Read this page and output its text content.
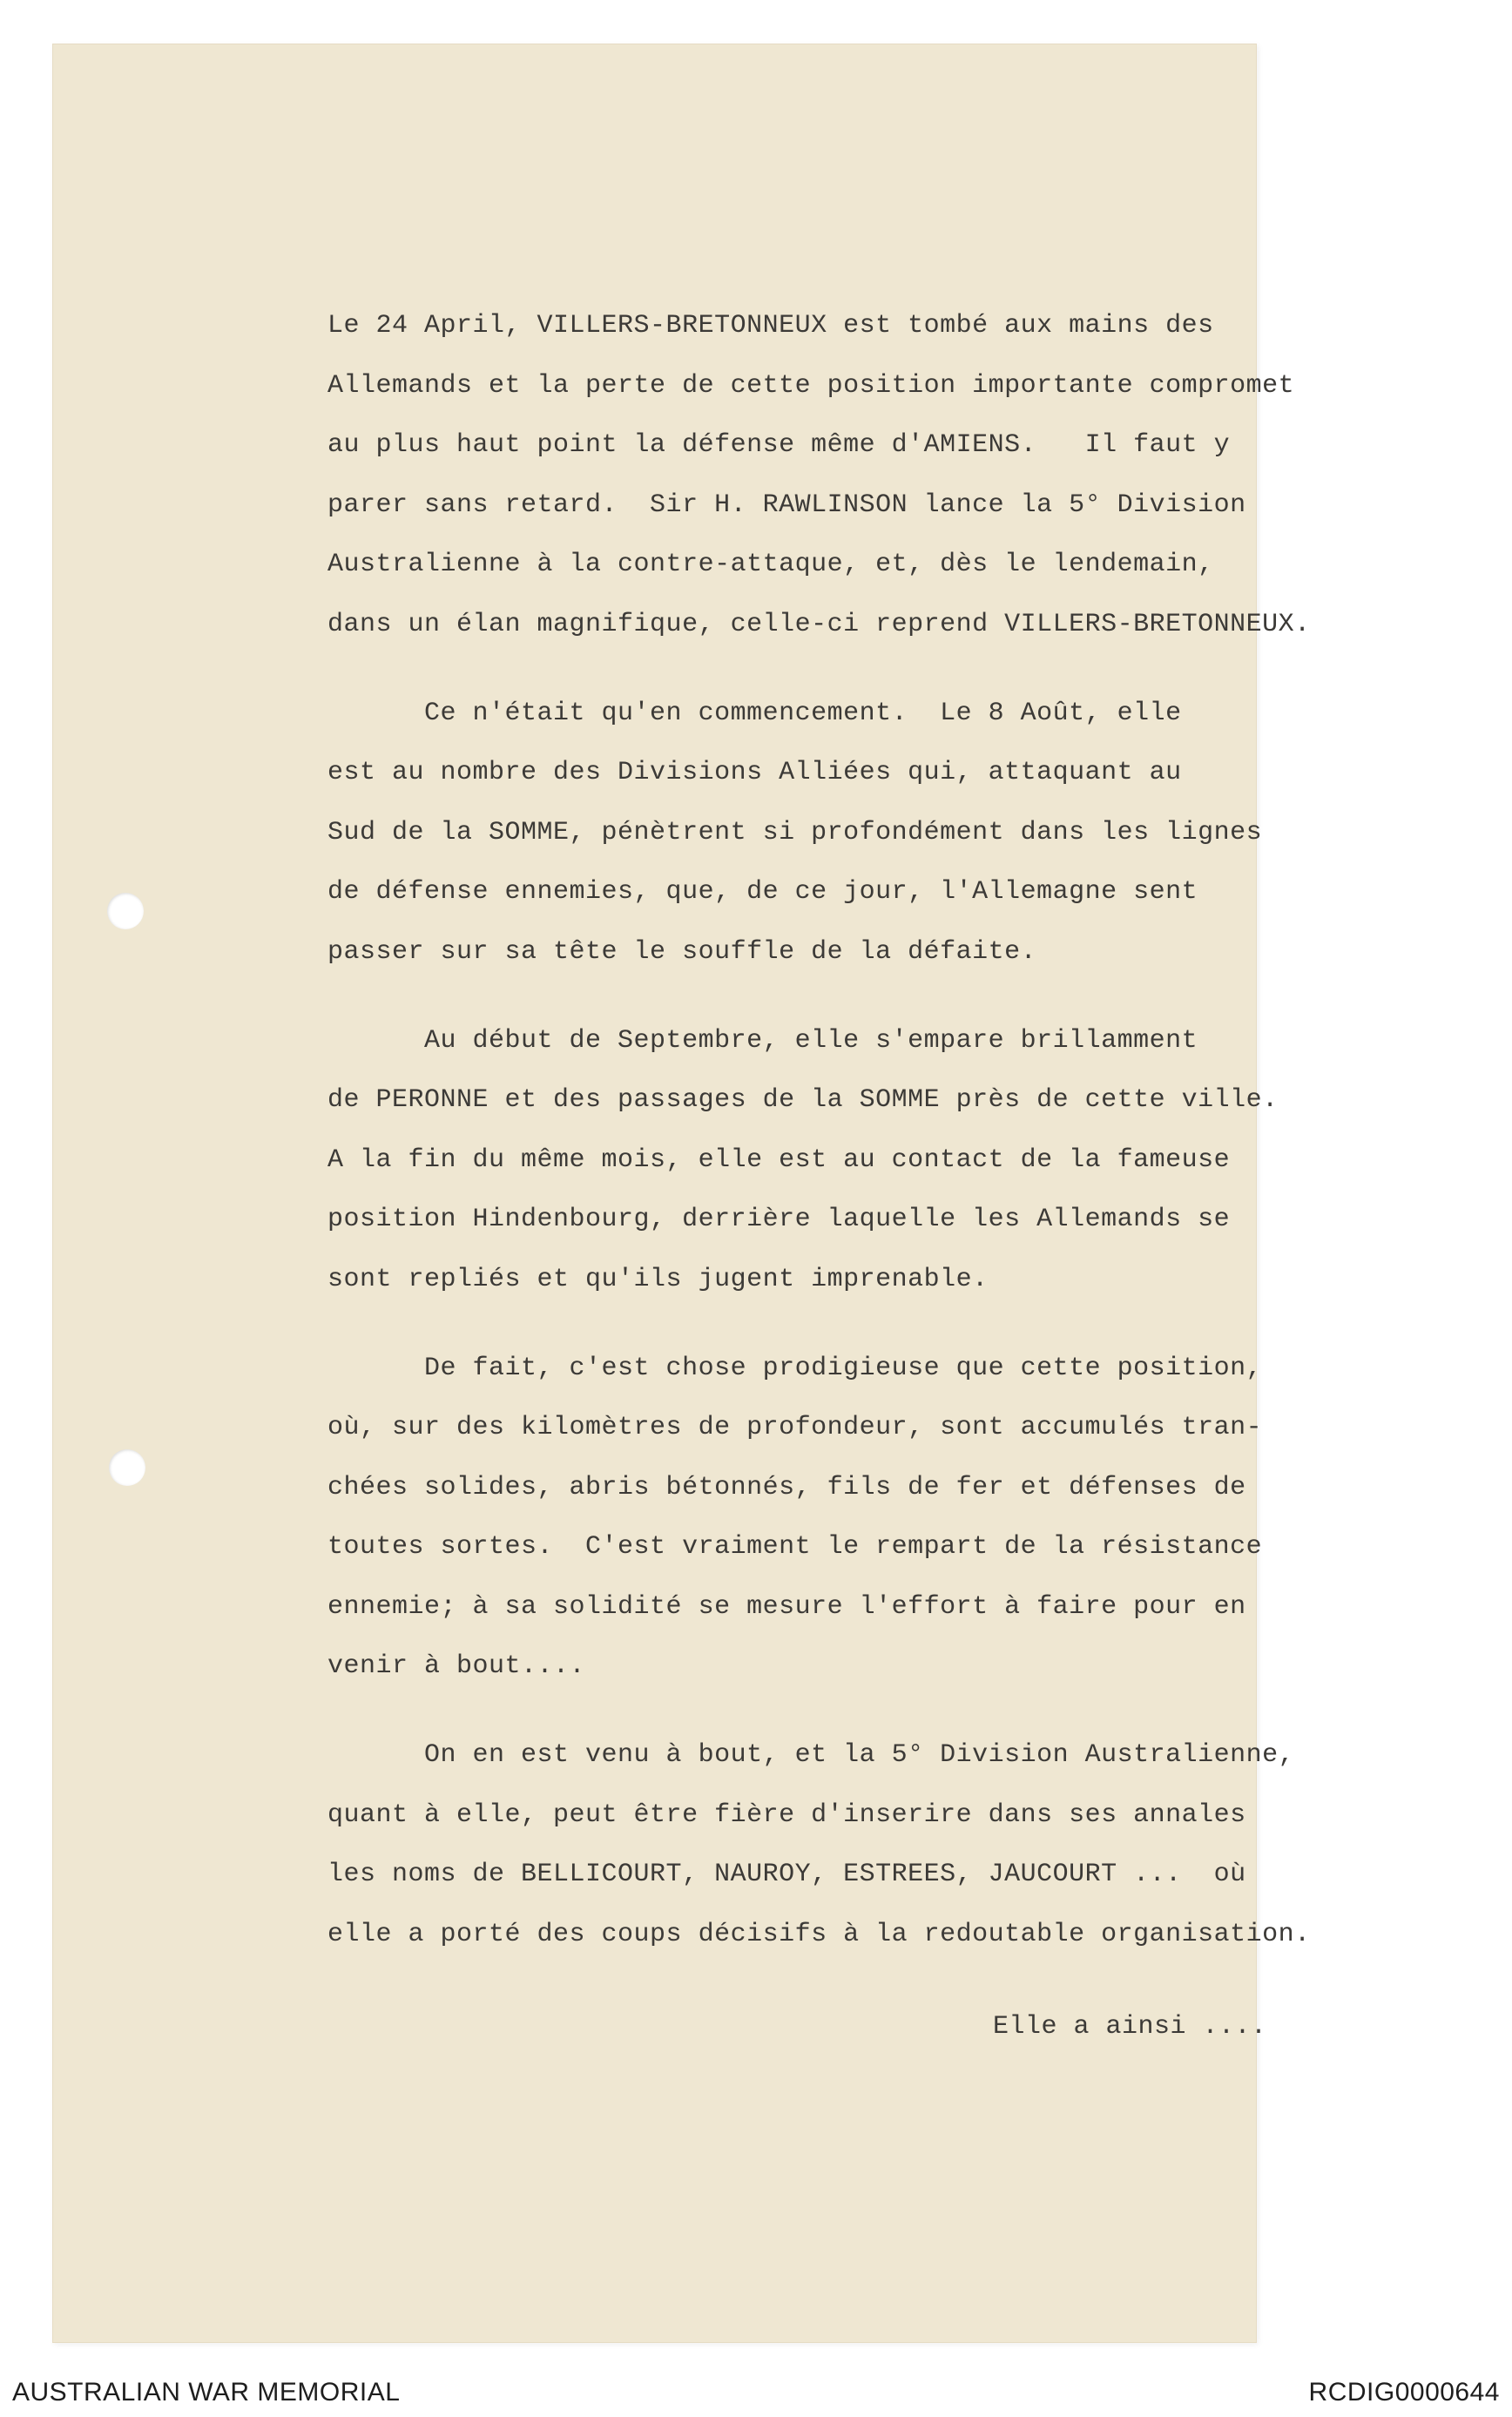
Le 24 April, VILLERS-BRETONNEUX est tombé aux mains des
Allemands et la perte de cette position importante compromet
au plus haut point la défense même d'AMIENS.   Il faut y
parer sans retard.  Sir H. RAWLINSON lance la 5° Division
Australienne à la contre-attaque, et, dès le lendemain,
dans un élan magnifique, celle-ci reprend VILLERS-BRETONNEUX.
Ce n'était qu'en commencement.  Le 8 Août, elle
est au nombre des Divisions Alliées qui, attaquant au
Sud de la SOMME, pénètrent si profondément dans les lignes
de défense ennemies, que, de ce jour, l'Allemagne sent
passer sur sa tête le souffle de la défaite.
Au début de Septembre, elle s'empare brillamment
de PERONNE et des passages de la SOMME près de cette ville.
A la fin du même mois, elle est au contact de la fameuse
position Hindenbourg, derrière laquelle les Allemands se
sont repliés et qu'ils jugent imprenable.
De fait, c'est chose prodigieuse que cette position,
où, sur des kilomètres de profondeur, sont accumulés tran-
chées solides, abris bétonnés, fils de fer et défenses de
toutes sortes.  C'est vraiment le rempart de la résistance
ennemie; à sa solidité se mesure l'effort à faire pour en
venir à bout....
On en est venu à bout, et la 5° Division Australienne,
quant à elle, peut être fière d'inserire dans ses annales
les noms de BELLICOURT, NAUROY, ESTREES, JAUCOURT ...  où
elle a porté des coups décisifs à la redoutable organisation.
Elle a ainsi ....
AUSTRALIAN WAR MEMORIAL	RCDIG0000644
